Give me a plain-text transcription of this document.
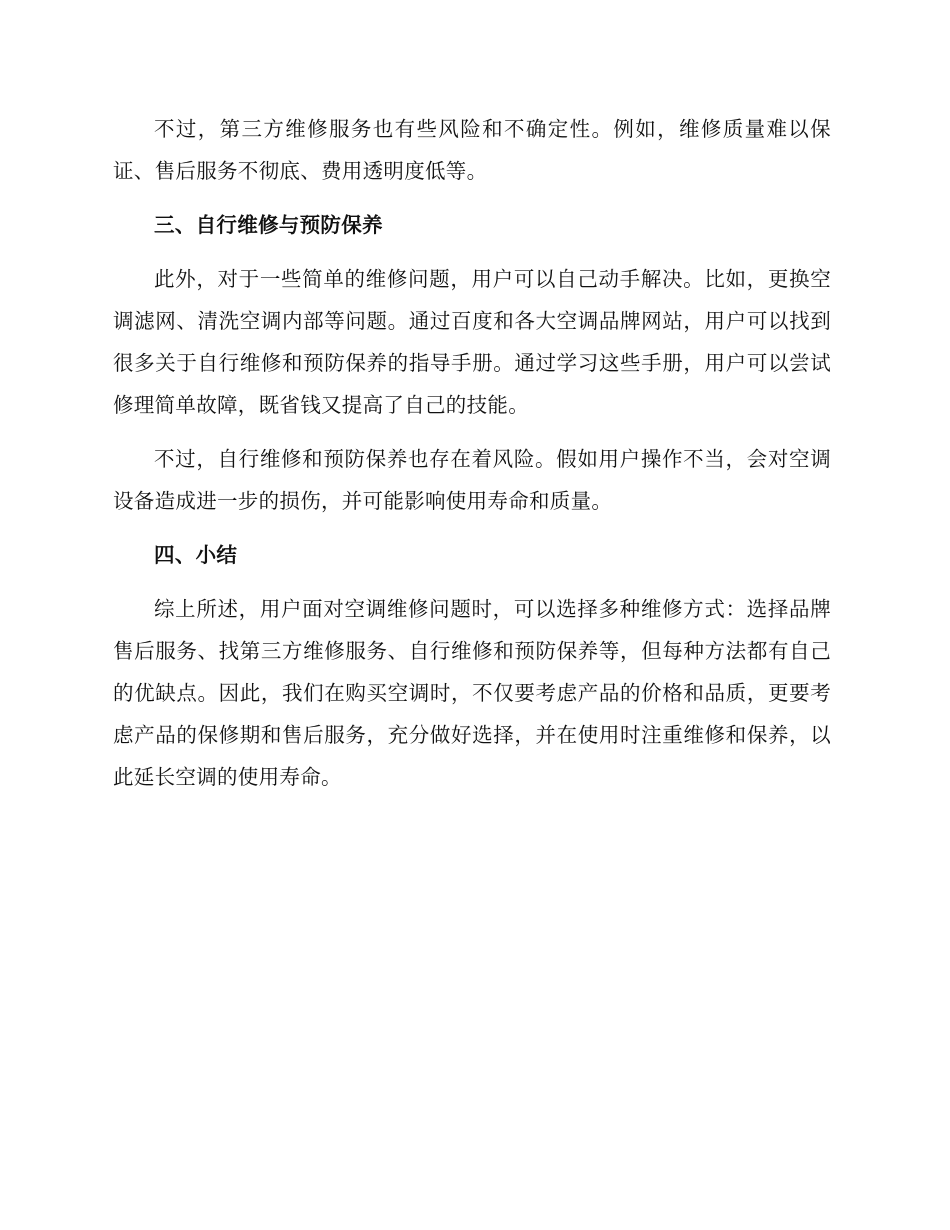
不过，第三方维修服务也有些风险和不确定性。例如，维修质量难以保证、售后服务不彻底、费用透明度低等。

三、自行维修与预防保养

此外，对于一些简单的维修问题，用户可以自己动手解决。比如，更换空调滤网、清洗空调内部等问题。通过百度和各大空调品牌网站，用户可以找到很多关于自行维修和预防保养的指导手册。通过学习这些手册，用户可以尝试修理简单故障，既省钱又提高了自己的技能。

不过，自行维修和预防保养也存在着风险。假如用户操作不当，会对空调设备造成进一步的损伤，并可能影响使用寿命和质量。

四、小结

综上所述，用户面对空调维修问题时，可以选择多种维修方式：选择品牌售后服务、找第三方维修服务、自行维修和预防保养等，但每种方法都有自己的优缺点。因此，我们在购买空调时，不仅要考虑产品的价格和品质，更要考虑产品的保修期和售后服务，充分做好选择，并在使用时注重维修和保养，以此延长空调的使用寿命。
